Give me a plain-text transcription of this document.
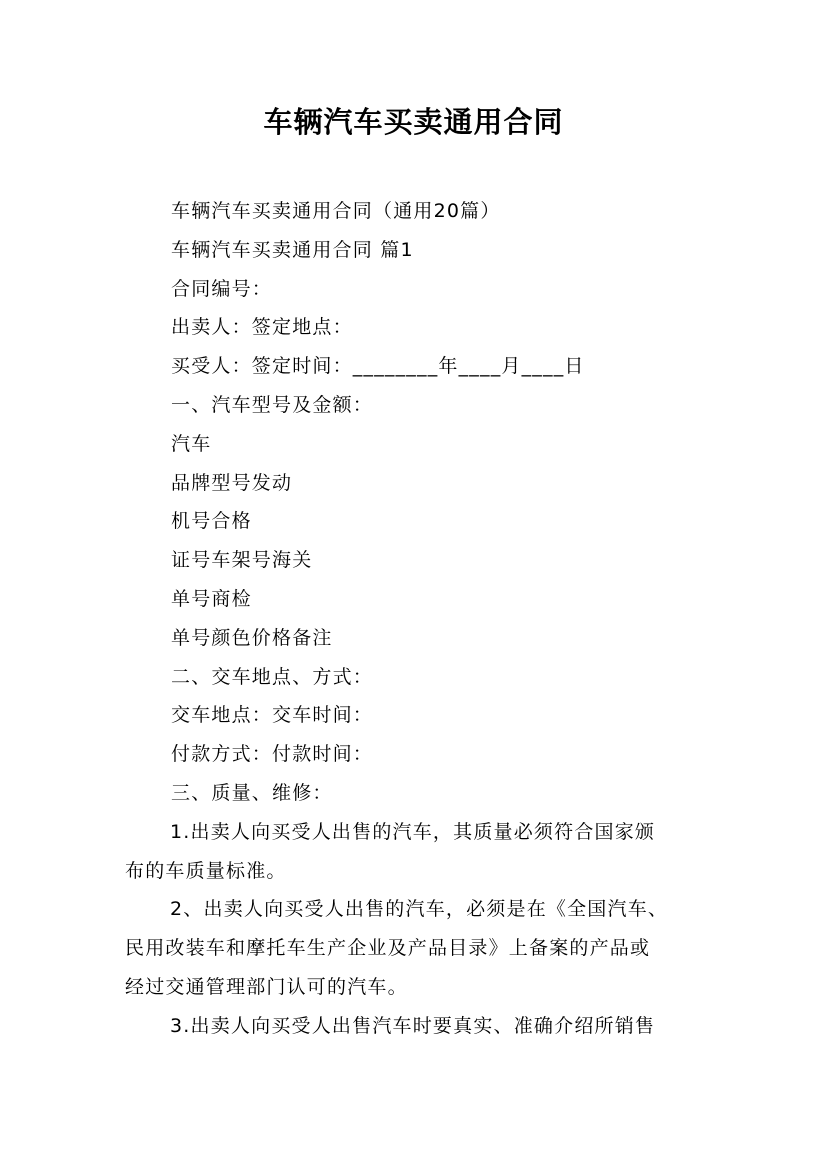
车辆汽车买卖通用合同
车辆汽车买卖通用合同（通用20篇）
车辆汽车买卖通用合同 篇1
合同编号：
出卖人：签定地点：
买受人：签定时间：________年____月____日
一、汽车型号及金额：
汽车
品牌型号发动
机号合格
证号车架号海关
单号商检
单号颜色价格备注
二、交车地点、方式：
交车地点：交车时间：
付款方式：付款时间：
三、质量、维修：
1.出卖人向买受人出售的汽车，其质量必须符合国家颁
布的车质量标准。
2、出卖人向买受人出售的汽车，必须是在《全国汽车、
民用改装车和摩托车生产企业及产品目录》上备案的产品或
经过交通管理部门认可的汽车。
3.出卖人向买受人出售汽车时要真实、准确介绍所销售
